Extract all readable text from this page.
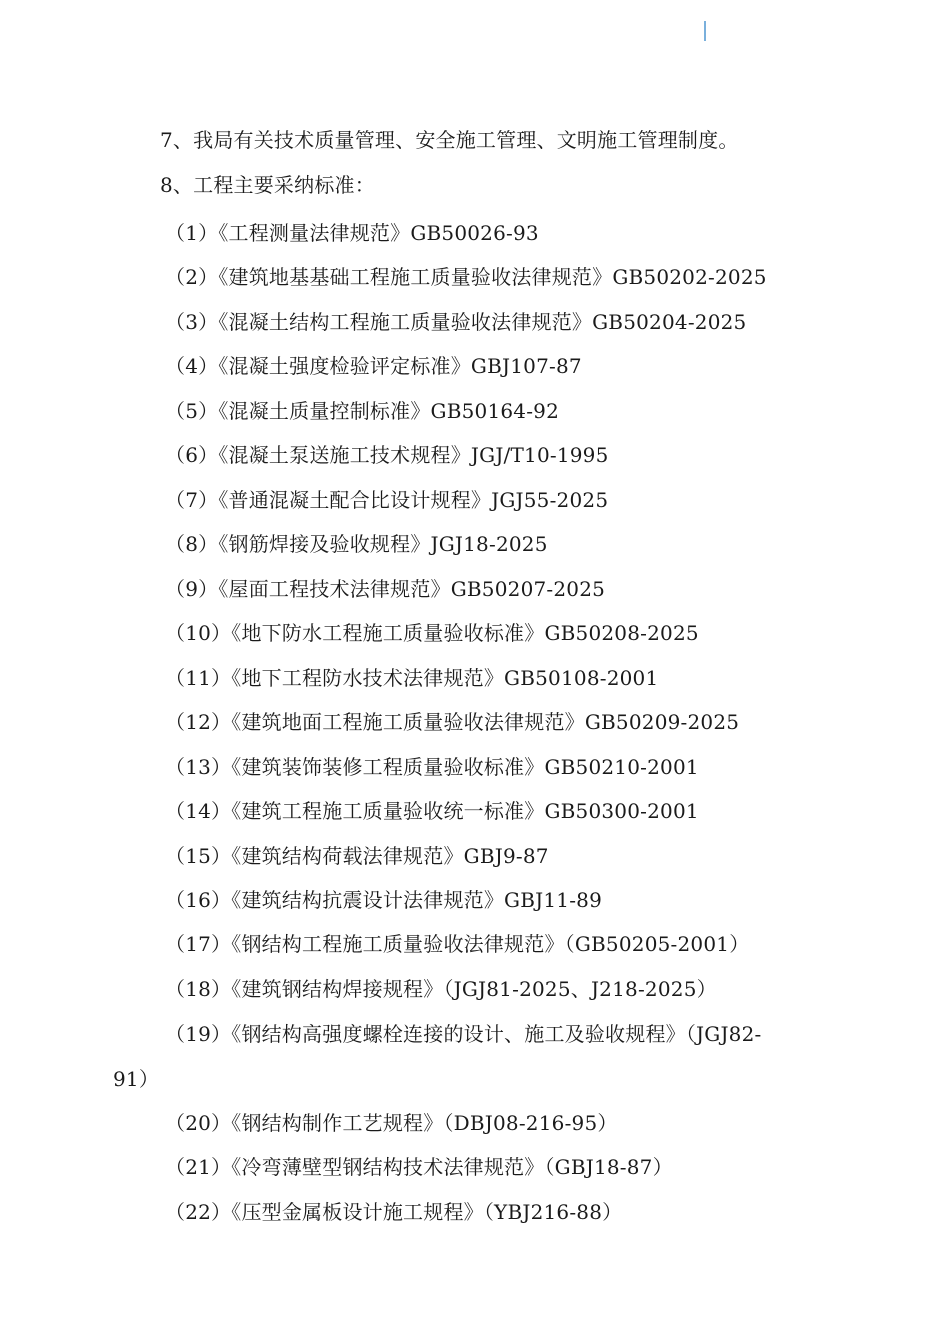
7、我局有关技术质量管理、安全施工管理、文明施工管理制度。
8、工程主要采纳标准：
（1）《工程测量法律规范》GB50026-93
（2）《建筑地基基础工程施工质量验收法律规范》GB50202-2025
（3）《混凝土结构工程施工质量验收法律规范》GB50204-2025
（4）《混凝土强度检验评定标准》GBJ107-87
（5）《混凝土质量控制标准》GB50164-92
（6）《混凝土泵送施工技术规程》JGJ/T10-1995
（7）《普通混凝土配合比设计规程》JGJ55-2025
（8）《钢筋焊接及验收规程》JGJ18-2025
（9）《屋面工程技术法律规范》GB50207-2025
（10）《地下防水工程施工质量验收标准》GB50208-2025
（11）《地下工程防水技术法律规范》GB50108-2001
（12）《建筑地面工程施工质量验收法律规范》GB50209-2025
（13）《建筑装饰装修工程质量验收标准》GB50210-2001
（14）《建筑工程施工质量验收统一标准》GB50300-2001
（15）《建筑结构荷载法律规范》GBJ9-87
（16）《建筑结构抗震设计法律规范》GBJ11-89
（17）《钢结构工程施工质量验收法律规范》（GB50205-2001）
（18）《建筑钢结构焊接规程》（JGJ81-2025、J218-2025）
（19）《钢结构高强度螺栓连接的设计、施工及验收规程》（JGJ82-
91）
（20）《钢结构制作工艺规程》（DBJ08-216-95）
（21）《冷弯薄壁型钢结构技术法律规范》（GBJ18-87）
（22）《压型金属板设计施工规程》（YBJ216-88）
